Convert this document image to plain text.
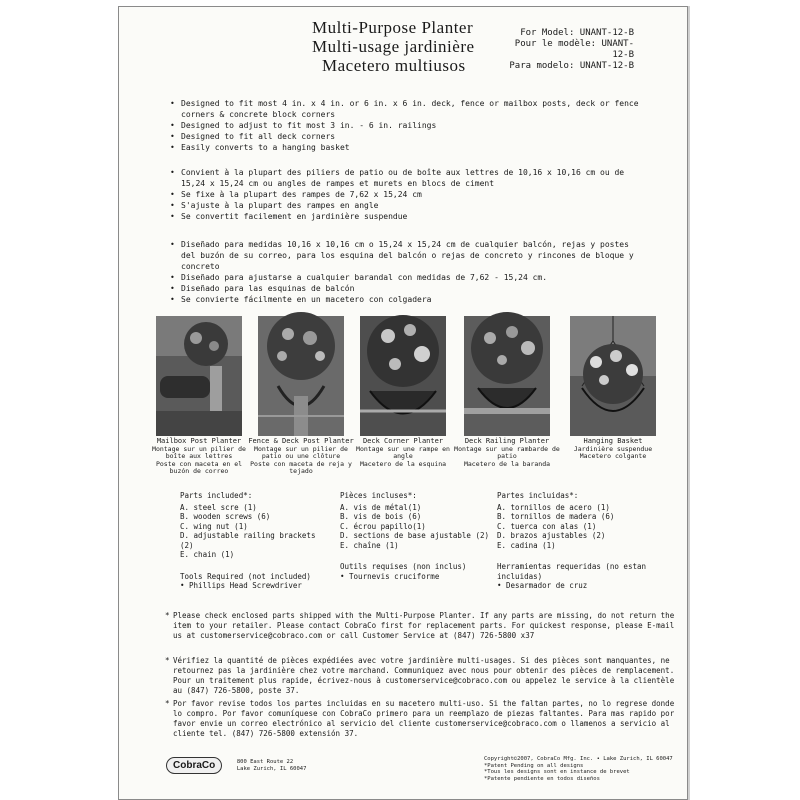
Multi-Purpose Planter
Multi-usage jardinière
Macetero multiusos
For Model: UNANT-12-B
Pour le modèle: UNANT-12-B
Para modelo: UNANT-12-B
• Designed to fit most 4 in. x 4 in. or 6 in. x 6 in. deck, fence or mailbox posts, deck or fence corners & concrete block corners
• Designed to adjust to fit most 3 in. - 6 in. railings
• Designed to fit all deck corners
• Easily converts to a hanging basket
• Convient à la plupart des piliers de patio ou de boîte aux lettres de 10,16 x 10,16 cm ou de 15,24 x 15,24 cm ou angles de rampes et murets en blocs de ciment
• Se fixe à la plupart des rampes de 7,62 x 15,24 cm
• S'ajuste à la plupart des rampes en angle
• Se convertit facilement en jardinière suspendue
• Diseñado para medidas 10,16 x 10,16 cm o 15,24 x 15,24 cm de cualquier balcón, rejas y postes del buzón de su correo, para los esquina del balcón o rejas de concreto y rincones de bloque y concreto
• Diseñado para ajustarse a cualquier barandal con medidas de 7,62 - 15,24 cm.
• Diseñado para las esquinas de balcón
• Se convierte fácilmente en un macetero con colgadera
Mailbox Post Planter
Montage sur un pilier de boîte aux lettres
Poste con maceta en el buzón de correo
Fence & Deck Post Planter
Montage sur un pilier de patio ou une clôture
Poste con maceta de reja y tejado
Deck Corner Planter
Montage sur une rampe en angle
Macetero de la esquina
Deck Railing Planter
Montage sur une rambarde de patio
Macetero de la baranda
Hanging Basket
Jardinière suspendue
Macetero colgante
Parts included*:
A. steel scre (1)
B. wooden screws (6)
C. wing nut (1)
D. adjustable railing brackets (2)
E. chain (1)
Tools Required (not included)
• Phillips Head Screwdriver
Pièces incluses*:
A. vis de métal(1)
B. vis de bois (6)
C. écrou papillo(1)
D. sections de base ajustable (2)
E. chaîne (1)
Outils requises (non inclus)
• Tournevis cruciforme
Partes incluidas*:
A. tornillos de acero (1)
B. tornillos de madera (6)
C. tuerca con alas (1)
D. brazos ajustables (2)
E. cadina (1)
Herramientas requeridas (no estan incluidas)
• Desarmador de cruz
* Please check enclosed parts shipped with the Multi-Purpose Planter. If any parts are missing, do not return the item to your retailer. Please contact CobraCo first for replacement parts. For quickest response, please E-mail us at customerservice@cobraco.com or call Customer Service at (847) 726-5800 x37
* Vérifiez la quantité de pièces expédiées avec votre jardinière multi-usages. Si des pièces sont manquantes, ne retournez pas la jardinière chez votre marchand. Communiquez avec nous pour obtenir des pièces de remplacement. Pour un traitement plus rapide, écrivez-nous à customerservice@cobraco.com ou appelez le service à la clientèle au (847) 726-5800, poste 37.
* Por favor revise todos los partes incluidas en su macetero multi-uso. Si the faltan partes, no lo regrese donde lo compro. Por favor comuníquese con CobraCo primero para un reemplazo de piezas faltantes. Para mas rapido por favor envie un correo electrónico al servicio del cliente customerservice@cobraco.com o llamenos a servicio al cliente tel. (847) 726-5800 extensión 37.
CobraCo	800 East Route 22
Lake Zurich, IL 60047
Copyright©2007, CobraCo Mfg. Inc. • Lake Zurich, IL 60047
*Patent Pending on all designs
*Tous les designs sont en instance de brevet
*Patente pendiente en todos diseños
